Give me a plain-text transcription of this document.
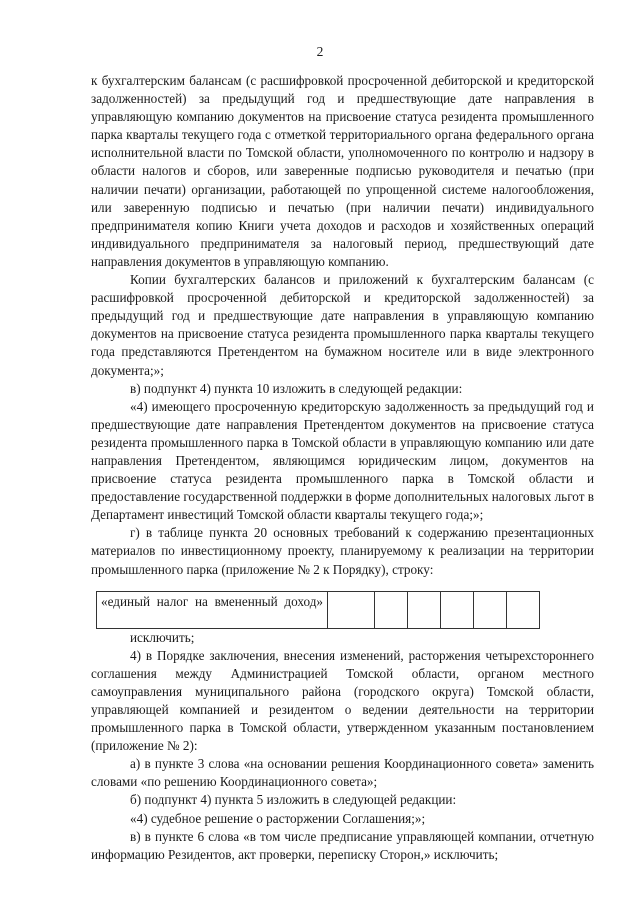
2

к бухгалтерским балансам (с расшифровкой просроченной дебиторской и кредиторской задолженностей) за предыдущий год и предшествующие дате направления в управляющую компанию документов на присвоение статуса резидента промышленного парка кварталы текущего года с отметкой территориального органа федерального органа исполнительной власти по Томской области, уполномоченного по контролю и надзору в области налогов и сборов, или заверенные подписью руководителя и печатью (при наличии печати) организации, работающей по упрощенной системе налогообложения, или заверенную подписью и печатью (при наличии печати) индивидуального предпринимателя копию Книги учета доходов и расходов и хозяйственных операций индивидуального предпринимателя за налоговый период, предшествующий дате направления документов в управляющую компанию.

Копии бухгалтерских балансов и приложений к бухгалтерским балансам (с расшифровкой просроченной дебиторской и кредиторской задолженностей) за предыдущий год и предшествующие дате направления в управляющую компанию документов на присвоение статуса резидента промышленного парка кварталы текущего года представляются Претендентом на бумажном носителе или в виде электронного документа;»;

в) подпункт 4) пункта 10 изложить в следующей редакции:

«4) имеющего просроченную кредиторскую задолженность за предыдущий год и предшествующие дате направления Претендентом документов на присвоение статуса резидента промышленного парка в Томской области в управляющую компанию или дате направления Претендентом, являющимся юридическим лицом, документов на присвоение статуса резидента промышленного парка в Томской области и предоставление государственной поддержки в форме дополнительных налоговых льгот в Департамент инвестиций Томской области кварталы текущего года;»;

г) в таблице пункта 20 основных требований к содержанию презентационных материалов по инвестиционному проекту, планируемому к реализации на территории промышленного парка (приложение № 2 к Порядку), строку:

«единый налог на вмененный доход»

исключить;

4) в Порядке заключения, внесения изменений, расторжения четырехстороннего соглашения между Администрацией Томской области, органом местного самоуправления муниципального района (городского округа) Томской области, управляющей компанией и резидентом о ведении деятельности на территории промышленного парка в Томской области, утвержденном указанным постановлением (приложение № 2):

а) в пункте 3 слова «на основании решения Координационного совета» заменить словами «по решению Координационного совета»;

б) подпункт 4) пункта 5 изложить в следующей редакции:

«4) судебное решение о расторжении Соглашения;»;

в) в пункте 6 слова «в том числе предписание управляющей компании, отчетную информацию Резидентов, акт проверки, переписку Сторон,» исключить;
